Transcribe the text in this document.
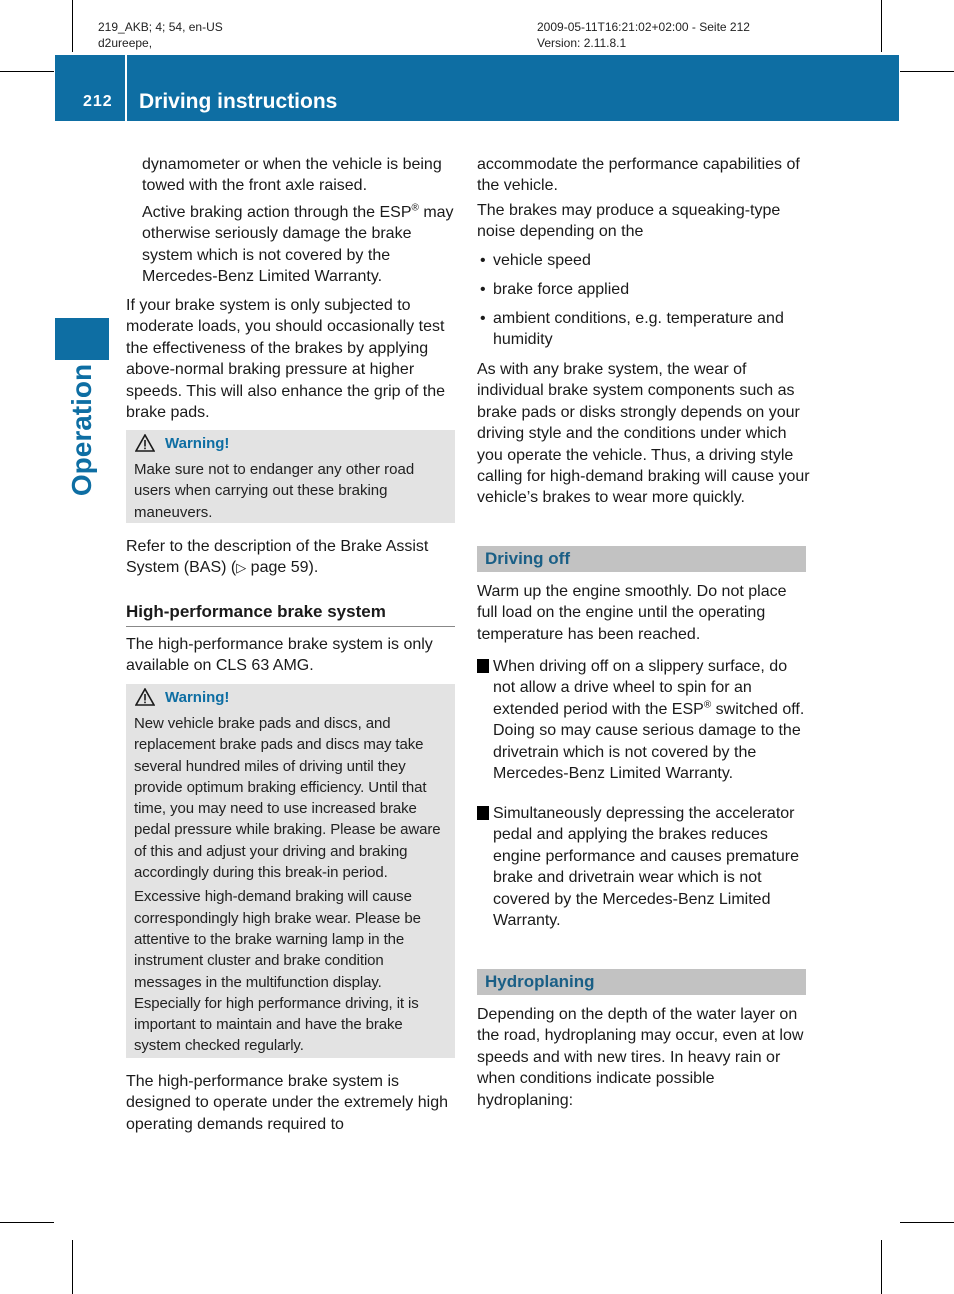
219_AKB; 4; 54, en-US
d2ureepe,
2009-05-11T16:21:02+02:00 - Seite 212
Version: 2.11.8.1
212 Driving instructions
Operation

dynamometer or when the vehicle is being towed with the front axle raised.

Active braking action through the ESP® may otherwise seriously damage the brake system which is not covered by the Mercedes-Benz Limited Warranty.

If your brake system is only subjected to moderate loads, you should occasionally test the effectiveness of the brakes by applying above-normal braking pressure at higher speeds. This will also enhance the grip of the brake pads.
Warning!
Make sure not to endanger any other road users when carrying out these braking maneuvers.
Refer to the description of the Brake Assist System (BAS) (▷ page 59).
High-performance brake system
The high-performance brake system is only available on CLS 63 AMG.
Warning!

New vehicle brake pads and discs, and replacement brake pads and discs may take several hundred miles of driving until they provide optimum braking efficiency. Until that time, you may need to use increased brake pedal pressure while braking. Please be aware of this and adjust your driving and braking accordingly during this break-in period.

Excessive high-demand braking will cause correspondingly high brake wear. Please be attentive to the brake warning lamp in the instrument cluster and brake condition messages in the multifunction display. Especially for high performance driving, it is important to maintain and have the brake system checked regularly.

The high-performance brake system is designed to operate under the extremely high operating demands required to
accommodate the performance capabilities of the vehicle.
The brakes may produce a squeaking-type noise depending on the
• vehicle speed
• brake force applied
• ambient conditions, e.g. temperature and humidity
As with any brake system, the wear of individual brake system components such as brake pads or disks strongly depends on your driving style and the conditions under which you operate the vehicle. Thus, a driving style calling for high-demand braking will cause your vehicle’s brakes to wear more quickly.
Driving off
Warm up the engine smoothly. Do not place full load on the engine until the operating temperature has been reached.
! When driving off on a slippery surface, do not allow a drive wheel to spin for an extended period with the ESP® switched off. Doing so may cause serious damage to the drivetrain which is not covered by the Mercedes-Benz Limited Warranty.
! Simultaneously depressing the accelerator pedal and applying the brakes reduces engine performance and causes premature brake and drivetrain wear which is not covered by the Mercedes-Benz Limited Warranty.
Hydroplaning
Depending on the depth of the water layer on the road, hydroplaning may occur, even at low speeds and with new tires. In heavy rain or when conditions indicate possible hydroplaning:
